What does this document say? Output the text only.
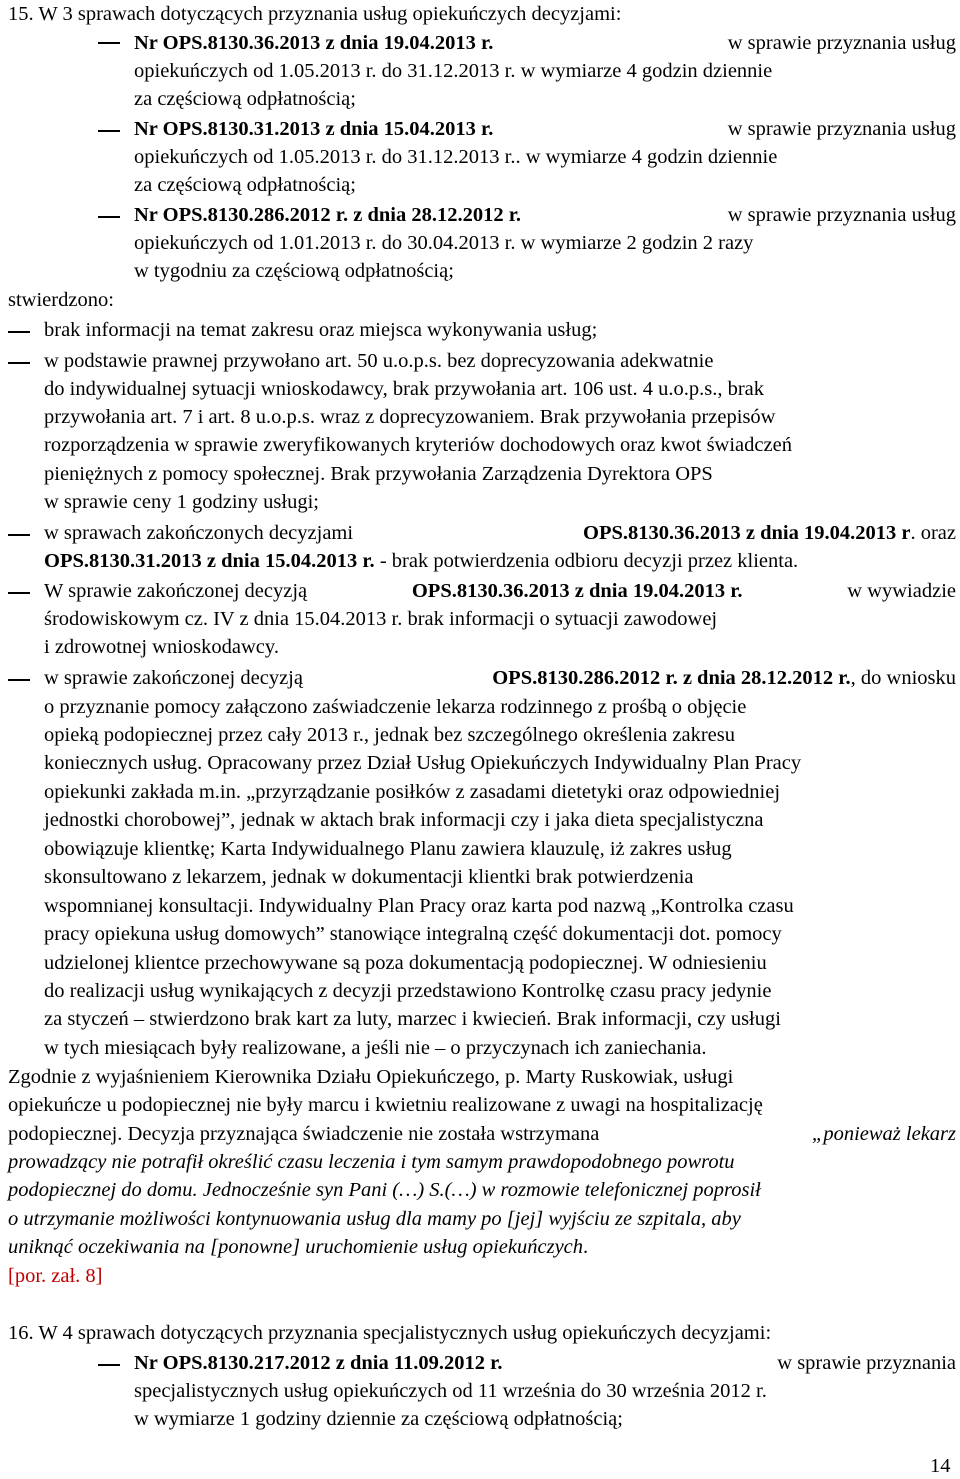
15. W 3 sprawach dotyczących przyznania usług opiekuńczych decyzjami:
Nr OPS.8130.36.2013 z dnia 19.04.2013 r.	w sprawie przyznania usług
opiekuńczych od 1.05.2013 r. do 31.12.2013 r. w wymiarze 4 godzin dziennie
za częściową odpłatnością;
Nr OPS.8130.31.2013 z dnia 15.04.2013 r.	w sprawie przyznania usług
opiekuńczych od 1.05.2013 r. do 31.12.2013 r.. w wymiarze 4 godzin dziennie
za częściową odpłatnością;
Nr OPS.8130.286.2012 r. z dnia 28.12.2012 r.	w sprawie przyznania usług
opiekuńczych od 1.01.2013 r. do 30.04.2013 r. w wymiarze 2 godzin 2 razy
w tygodniu za częściową odpłatnością;
stwierdzono:
brak informacji na temat zakresu oraz miejsca wykonywania usług;
w podstawie prawnej przywołano art. 50 u.o.p.s. bez doprecyzowania adekwatnie
do indywidualnej sytuacji wnioskodawcy, brak przywołania art. 106 ust. 4 u.o.p.s., brak
przywołania art. 7 i art. 8 u.o.p.s. wraz z doprecyzowaniem. Brak przywołania przepisów
rozporządzenia w sprawie zweryfikowanych kryteriów dochodowych oraz kwot świadczeń
pieniężnych z pomocy społecznej. Brak przywołania Zarządzenia Dyrektora OPS
w sprawie ceny 1 godziny usługi;
w sprawach zakończonych decyzjami	OPS.8130.36.2013 z dnia 19.04.2013 r. oraz
OPS.8130.31.2013 z dnia 15.04.2013 r. - brak potwierdzenia odbioru decyzji przez klienta.
W sprawie zakończonej decyzją	OPS.8130.36.2013 z dnia 19.04.2013 r.	w wywiadzie
środowiskowym cz. IV z dnia 15.04.2013 r. brak informacji o sytuacji zawodowej
i zdrowotnej wnioskodawcy.
w sprawie zakończonej decyzją	OPS.8130.286.2012 r. z dnia 28.12.2012 r., do wniosku
o przyznanie pomocy załączono zaświadczenie lekarza rodzinnego z prośbą o objęcie
opieką podopiecznej przez cały 2013 r., jednak bez szczególnego określenia zakresu
koniecznych usług. Opracowany przez Dział Usług Opiekuńczych Indywidualny Plan Pracy
opiekunki zakłada m.in. „przyrządzanie posiłków z zasadami dietetyki oraz odpowiedniej
jednostki chorobowej”, jednak w aktach brak informacji czy i jaka dieta specjalistyczna
obowiązuje klientkę; Karta Indywidualnego Planu zawiera klauzulę, iż zakres usług
skonsultowano z lekarzem, jednak w dokumentacji klientki brak potwierdzenia
wspomnianej konsultacji. Indywidualny Plan Pracy oraz karta pod nazwą „Kontrolka czasu
pracy opiekuna usług domowych” stanowiące integralną część dokumentacji dot. pomocy
udzielonej klientce przechowywane są poza dokumentacją podopiecznej. W odniesieniu
do realizacji usług wynikających z decyzji przedstawiono Kontrolkę czasu pracy jedynie
za styczeń – stwierdzono brak kart za luty, marzec i kwiecień. Brak informacji, czy usługi
w tych miesiącach były realizowane, a jeśli nie – o przyczynach ich zaniechania.
Zgodnie z wyjaśnieniem Kierownika Działu Opiekuńczego, p. Marty Ruskowiak, usługi
opiekuńcze u podopiecznej nie były marcu i kwietniu realizowane z uwagi na hospitalizację
podopiecznej. Decyzja przyznająca świadczenie nie została wstrzymana	„ponieważ lekarz
prowadzący nie potrafił określić czasu leczenia i tym samym prawdopodobnego powrotu
podopiecznej do domu. Jednocześnie syn Pani (…) S.(…) w rozmowie telefonicznej poprosił
o utrzymanie możliwości kontynuowania usług dla mamy po [jej] wyjściu ze szpitala, aby
uniknąć oczekiwania na [ponowne] uruchomienie usług opiekuńczych.
[por. zał. 8]
16. W 4 sprawach dotyczących przyznania specjalistycznych usług opiekuńczych decyzjami:
Nr OPS.8130.217.2012 z dnia 11.09.2012 r.	w sprawie przyznania
specjalistycznych usług opiekuńczych od 11 września do 30 września 2012 r.
w wymiarze 1 godziny dziennie za częściową odpłatnością;
14
